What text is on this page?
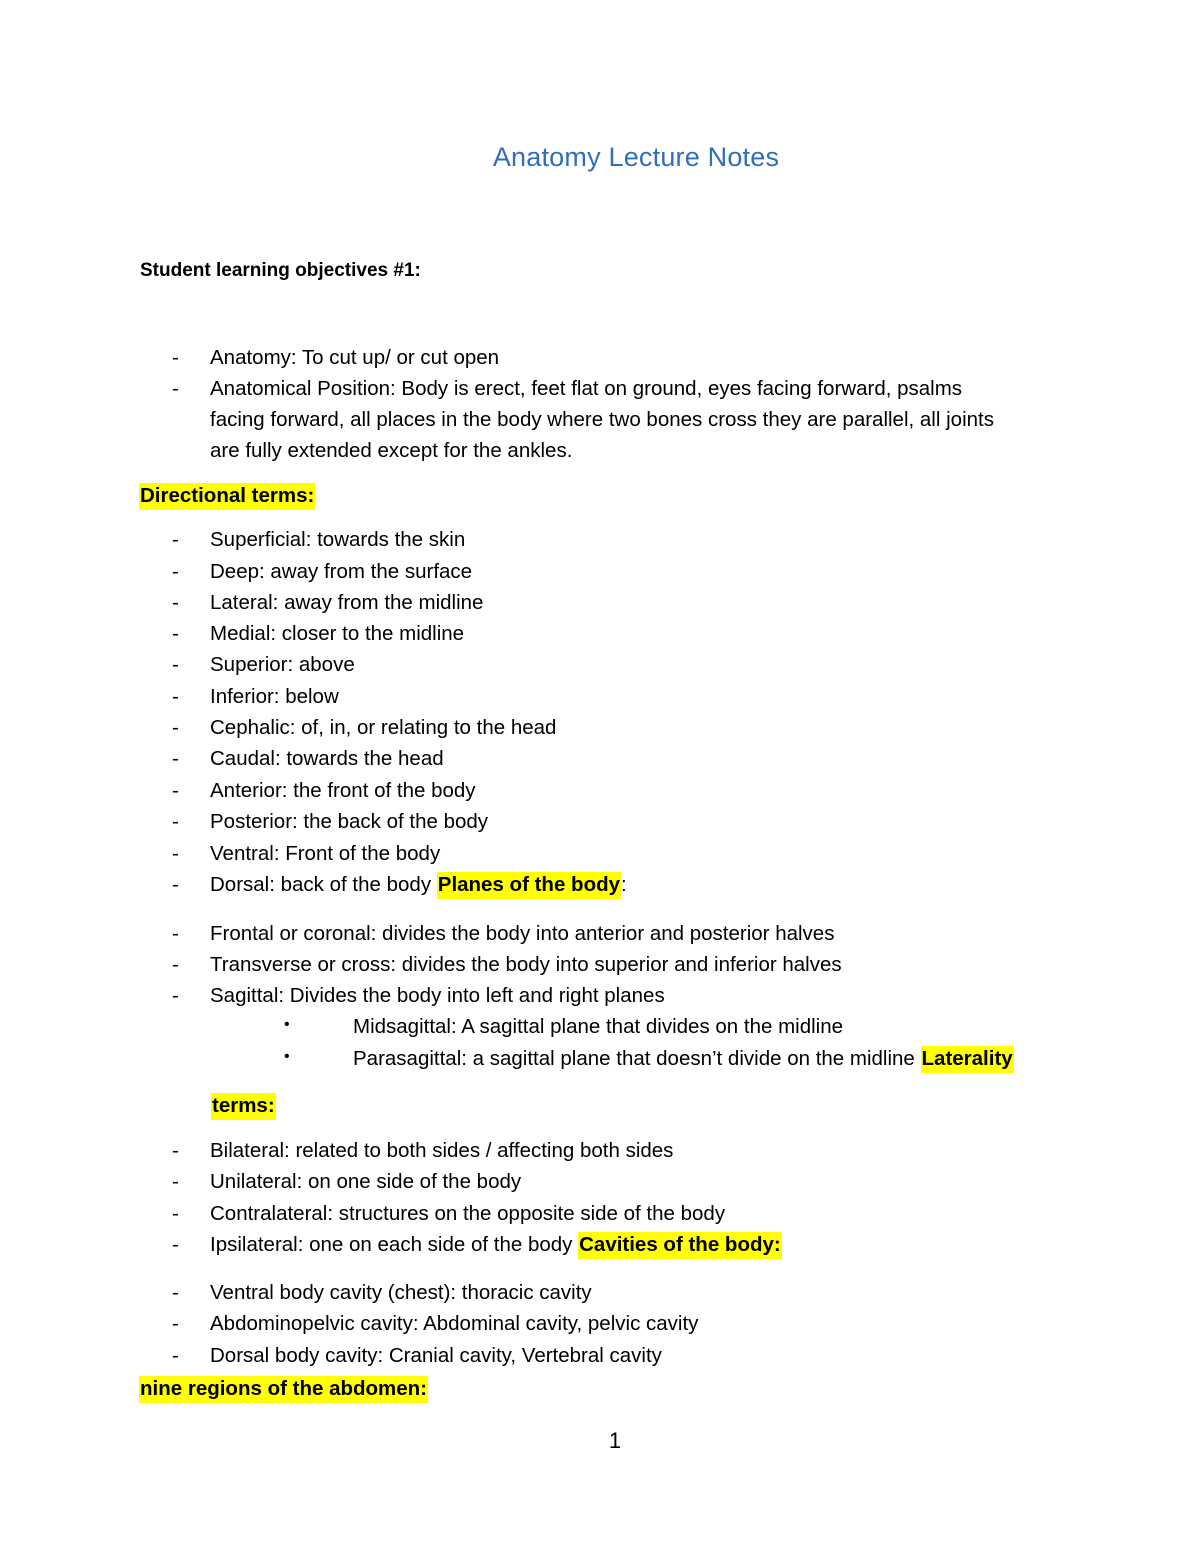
Anatomy Lecture Notes
Student learning objectives #1:
- Anatomy: To cut up/ or cut open
- Anatomical Position: Body is erect, feet flat on ground, eyes facing forward, psalms
facing forward, all places in the body where two bones cross they are parallel, all joints
are fully extended except for the ankles.
Directional terms:
- Superficial: towards the skin
- Deep: away from the surface
- Lateral: away from the midline
- Medial: closer to the midline
- Superior: above
- Inferior: below
- Cephalic: of, in, or relating to the head
- Caudal: towards the head
- Anterior: the front of the body
- Posterior: the back of the body
- Ventral: Front of the body
- Dorsal: back of the body Planes of the body:
- Frontal or coronal: divides the body into anterior and posterior halves
- Transverse or cross: divides the body into superior and inferior halves
- Sagittal: Divides the body into left and right planes
•	Midsagittal: A sagittal plane that divides on the midline
•	Parasagittal: a sagittal plane that doesn’t divide on the midline Laterality
terms:
- Bilateral: related to both sides / affecting both sides
- Unilateral: on one side of the body
- Contralateral: structures on the opposite side of the body
- Ipsilateral: one on each side of the body Cavities of the body:
- Ventral body cavity (chest): thoracic cavity
- Abdominopelvic cavity: Abdominal cavity, pelvic cavity
- Dorsal body cavity: Cranial cavity, Vertebral cavity
nine regions of the abdomen:
1
